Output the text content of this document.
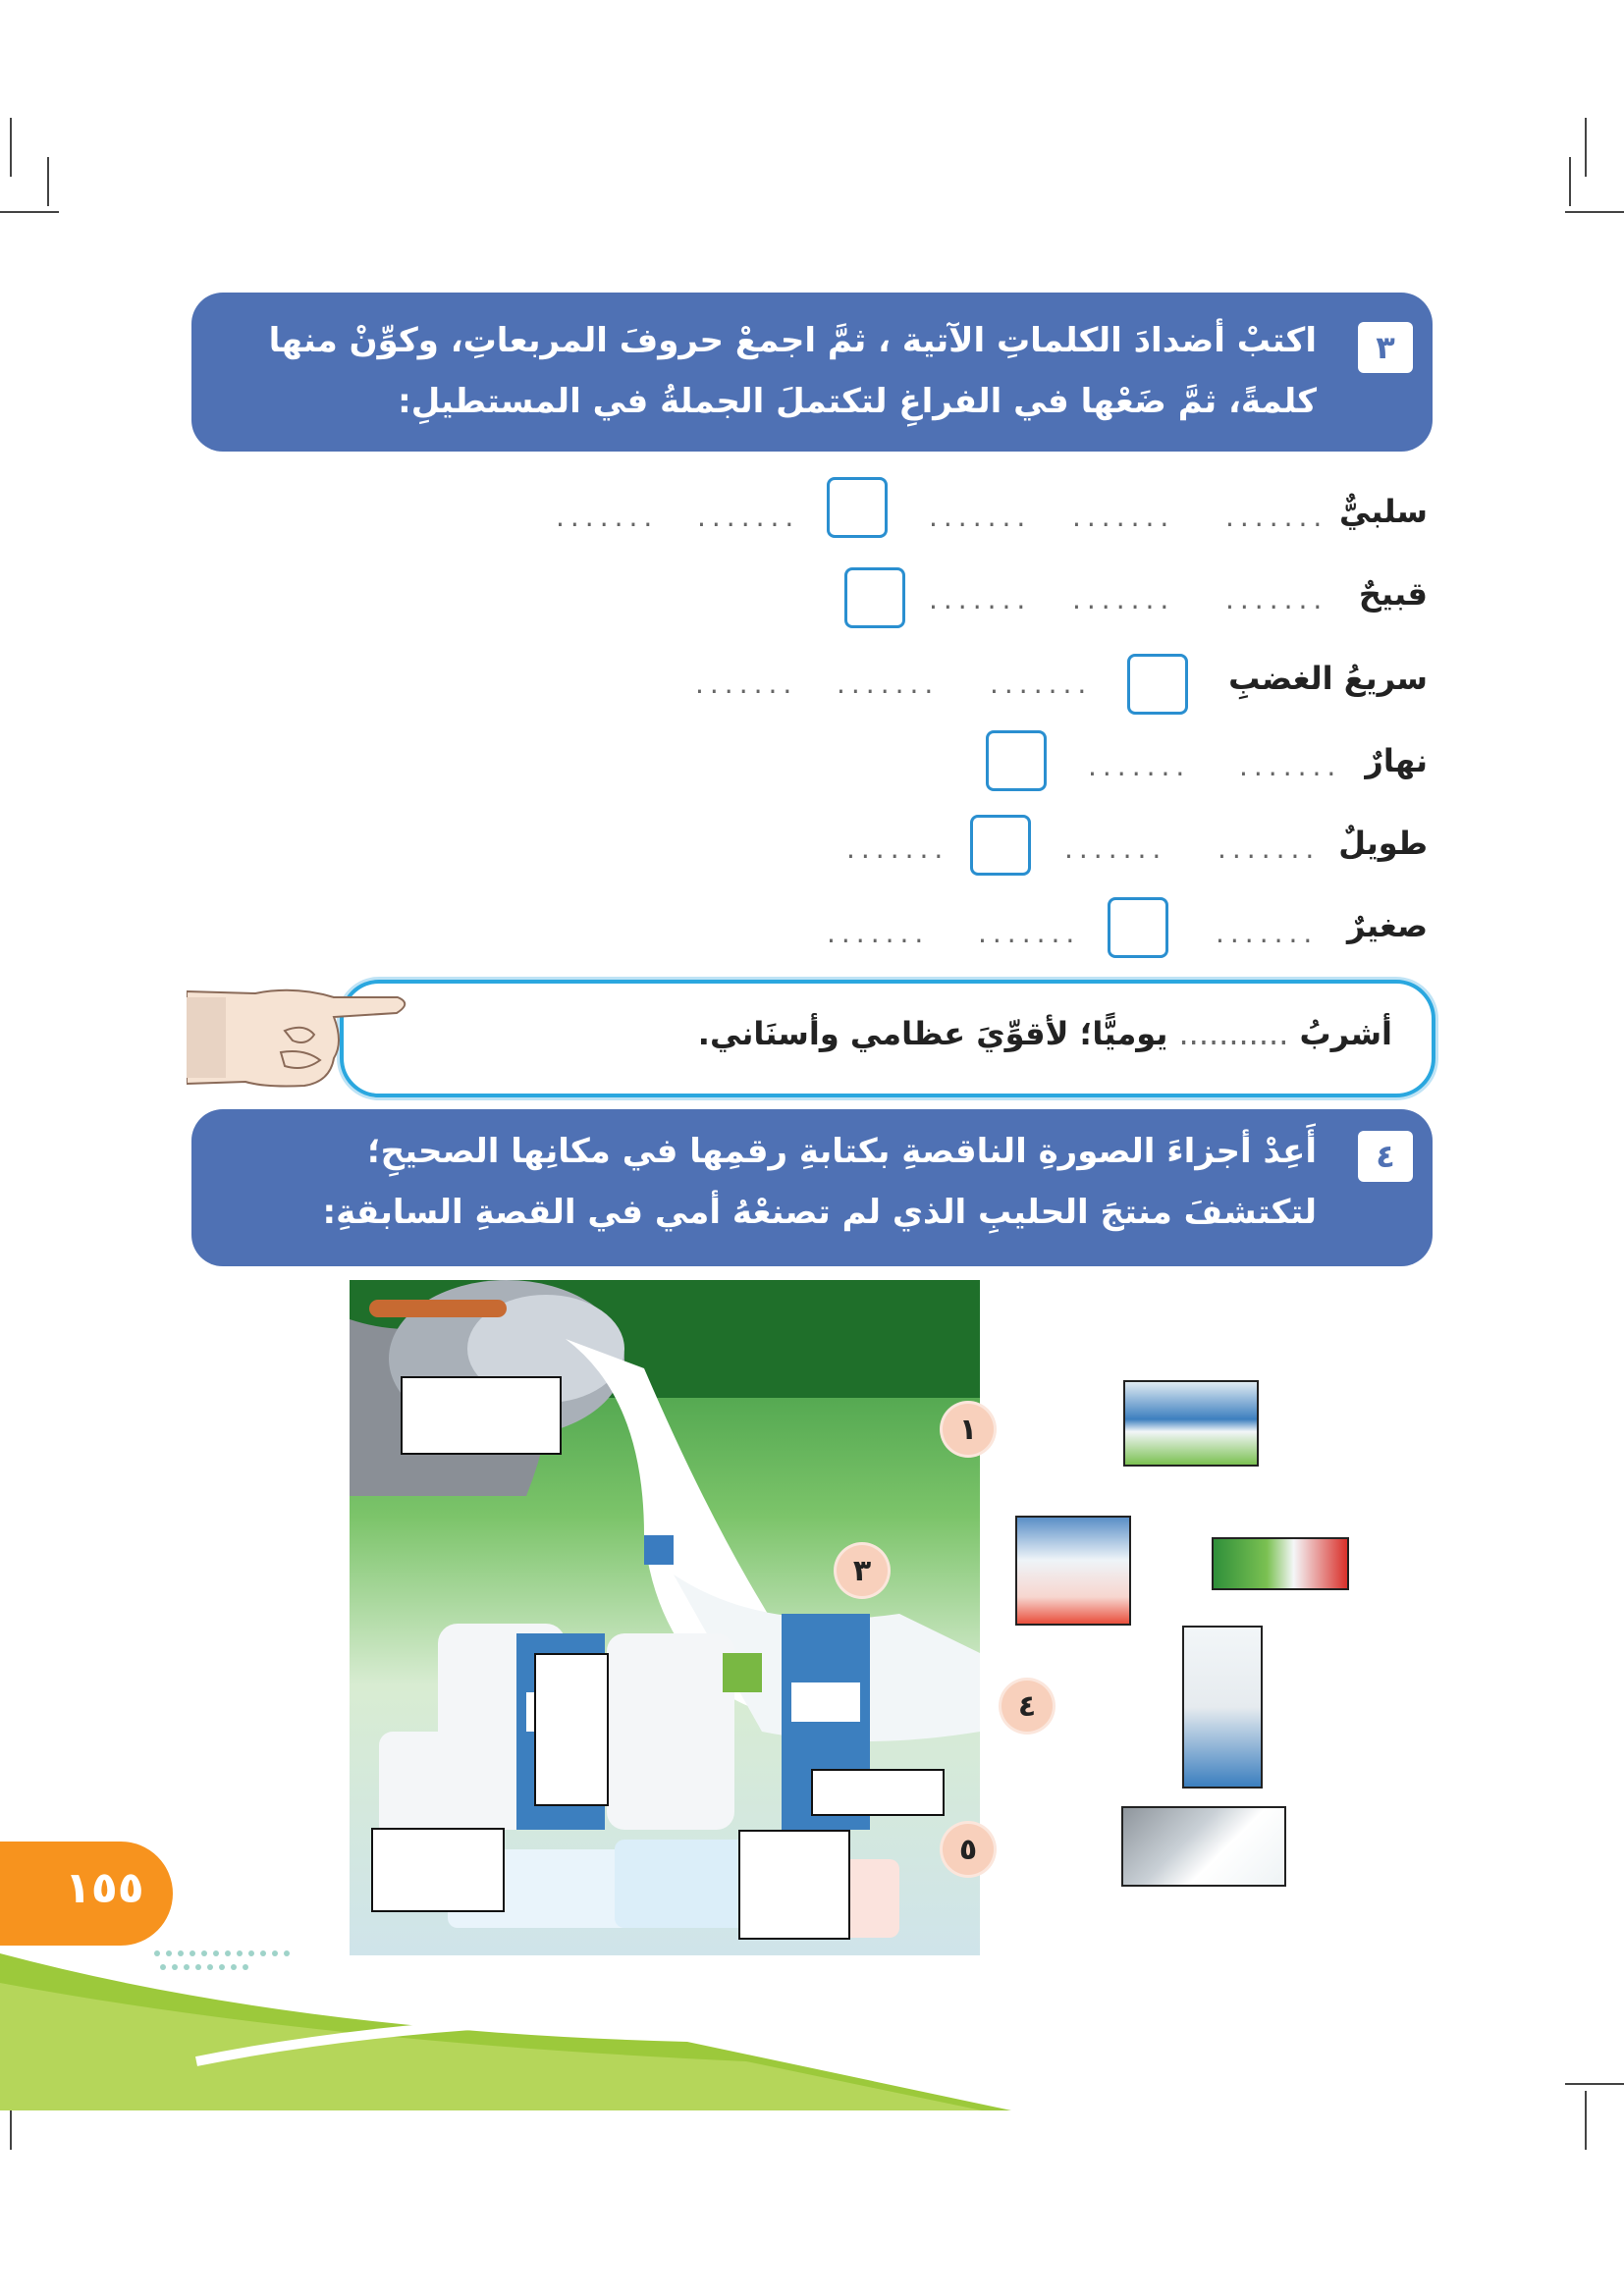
٣
اكتبْ أضدادَ الكلماتِ الآتية ، ثمَّ اجمعْ حروفَ المربعاتِ، وكوِّنْ منها كلمةً، ثمَّ ضَعْها في الفراغِ لتكتملَ الجملةُ في المستطيلِ:
سلبيٌّ
.......
.......
.......
.......
.......
قبيحٌ
.......
.......
.......
سريعُ الغضبِ
.......
.......
.......
نهارٌ
.......
.......
طويلٌ
.......
.......
.......
صغيرٌ
.......
.......
.......
أشربُ ........... يوميًّا؛ لأقوِّيَ عظامي وأسنَاني.
٤
أَعِدْ أجزاءَ الصورةِ الناقصةِ بكتابةِ رقمِها في مكانِها الصحيحِ؛ لتكتشفَ منتجَ الحليبِ الذي لم تصنعْهُ أمي في القصةِ السابقةِ:
١
٣
٤
٥
١٥٥
